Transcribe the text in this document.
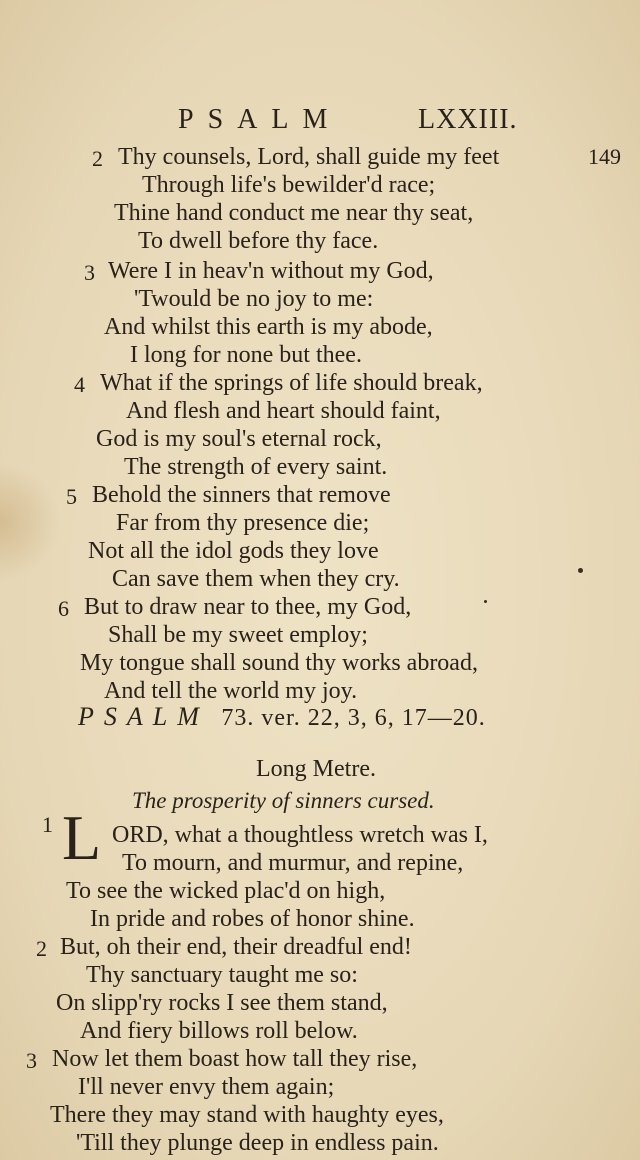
PSALM	LXXIII.
149
2 Thy counsels, Lord, shall guide my feet
Through life's bewilder'd race;
Thine hand conduct me near thy seat,
To dwell before thy face.
3 Were I in heav'n without my God,
'Twould be no joy to me:
And whilst this earth is my abode,
I long for none but thee.
4 What if the springs of life should break,
And flesh and heart should faint,
God is my soul's eternal rock,
The strength of every saint.
5 Behold the sinners that remove
Far from thy presence die;
Not all the idol gods they love
Can save them when they cry.
6 But to draw near to thee, my God,
Shall be my sweet employ;
My tongue shall sound thy works abroad,
And tell the world my joy.
PSALM 73. ver. 22, 3, 6, 17—20.
Long Metre.
The prosperity of sinners cursed.
1 L ORD, what a thoughtless wretch was I,
To mourn, and murmur, and repine,
To see the wicked plac'd on high,
In pride and robes of honor shine.
2 But, oh their end, their dreadful end!
Thy sanctuary taught me so:
On slipp'ry rocks I see them stand,
And fiery billows roll below.
3 Now let them boast how tall they rise,
I'll never envy them again;
There they may stand with haughty eyes,
'Till they plunge deep in endless pain.
